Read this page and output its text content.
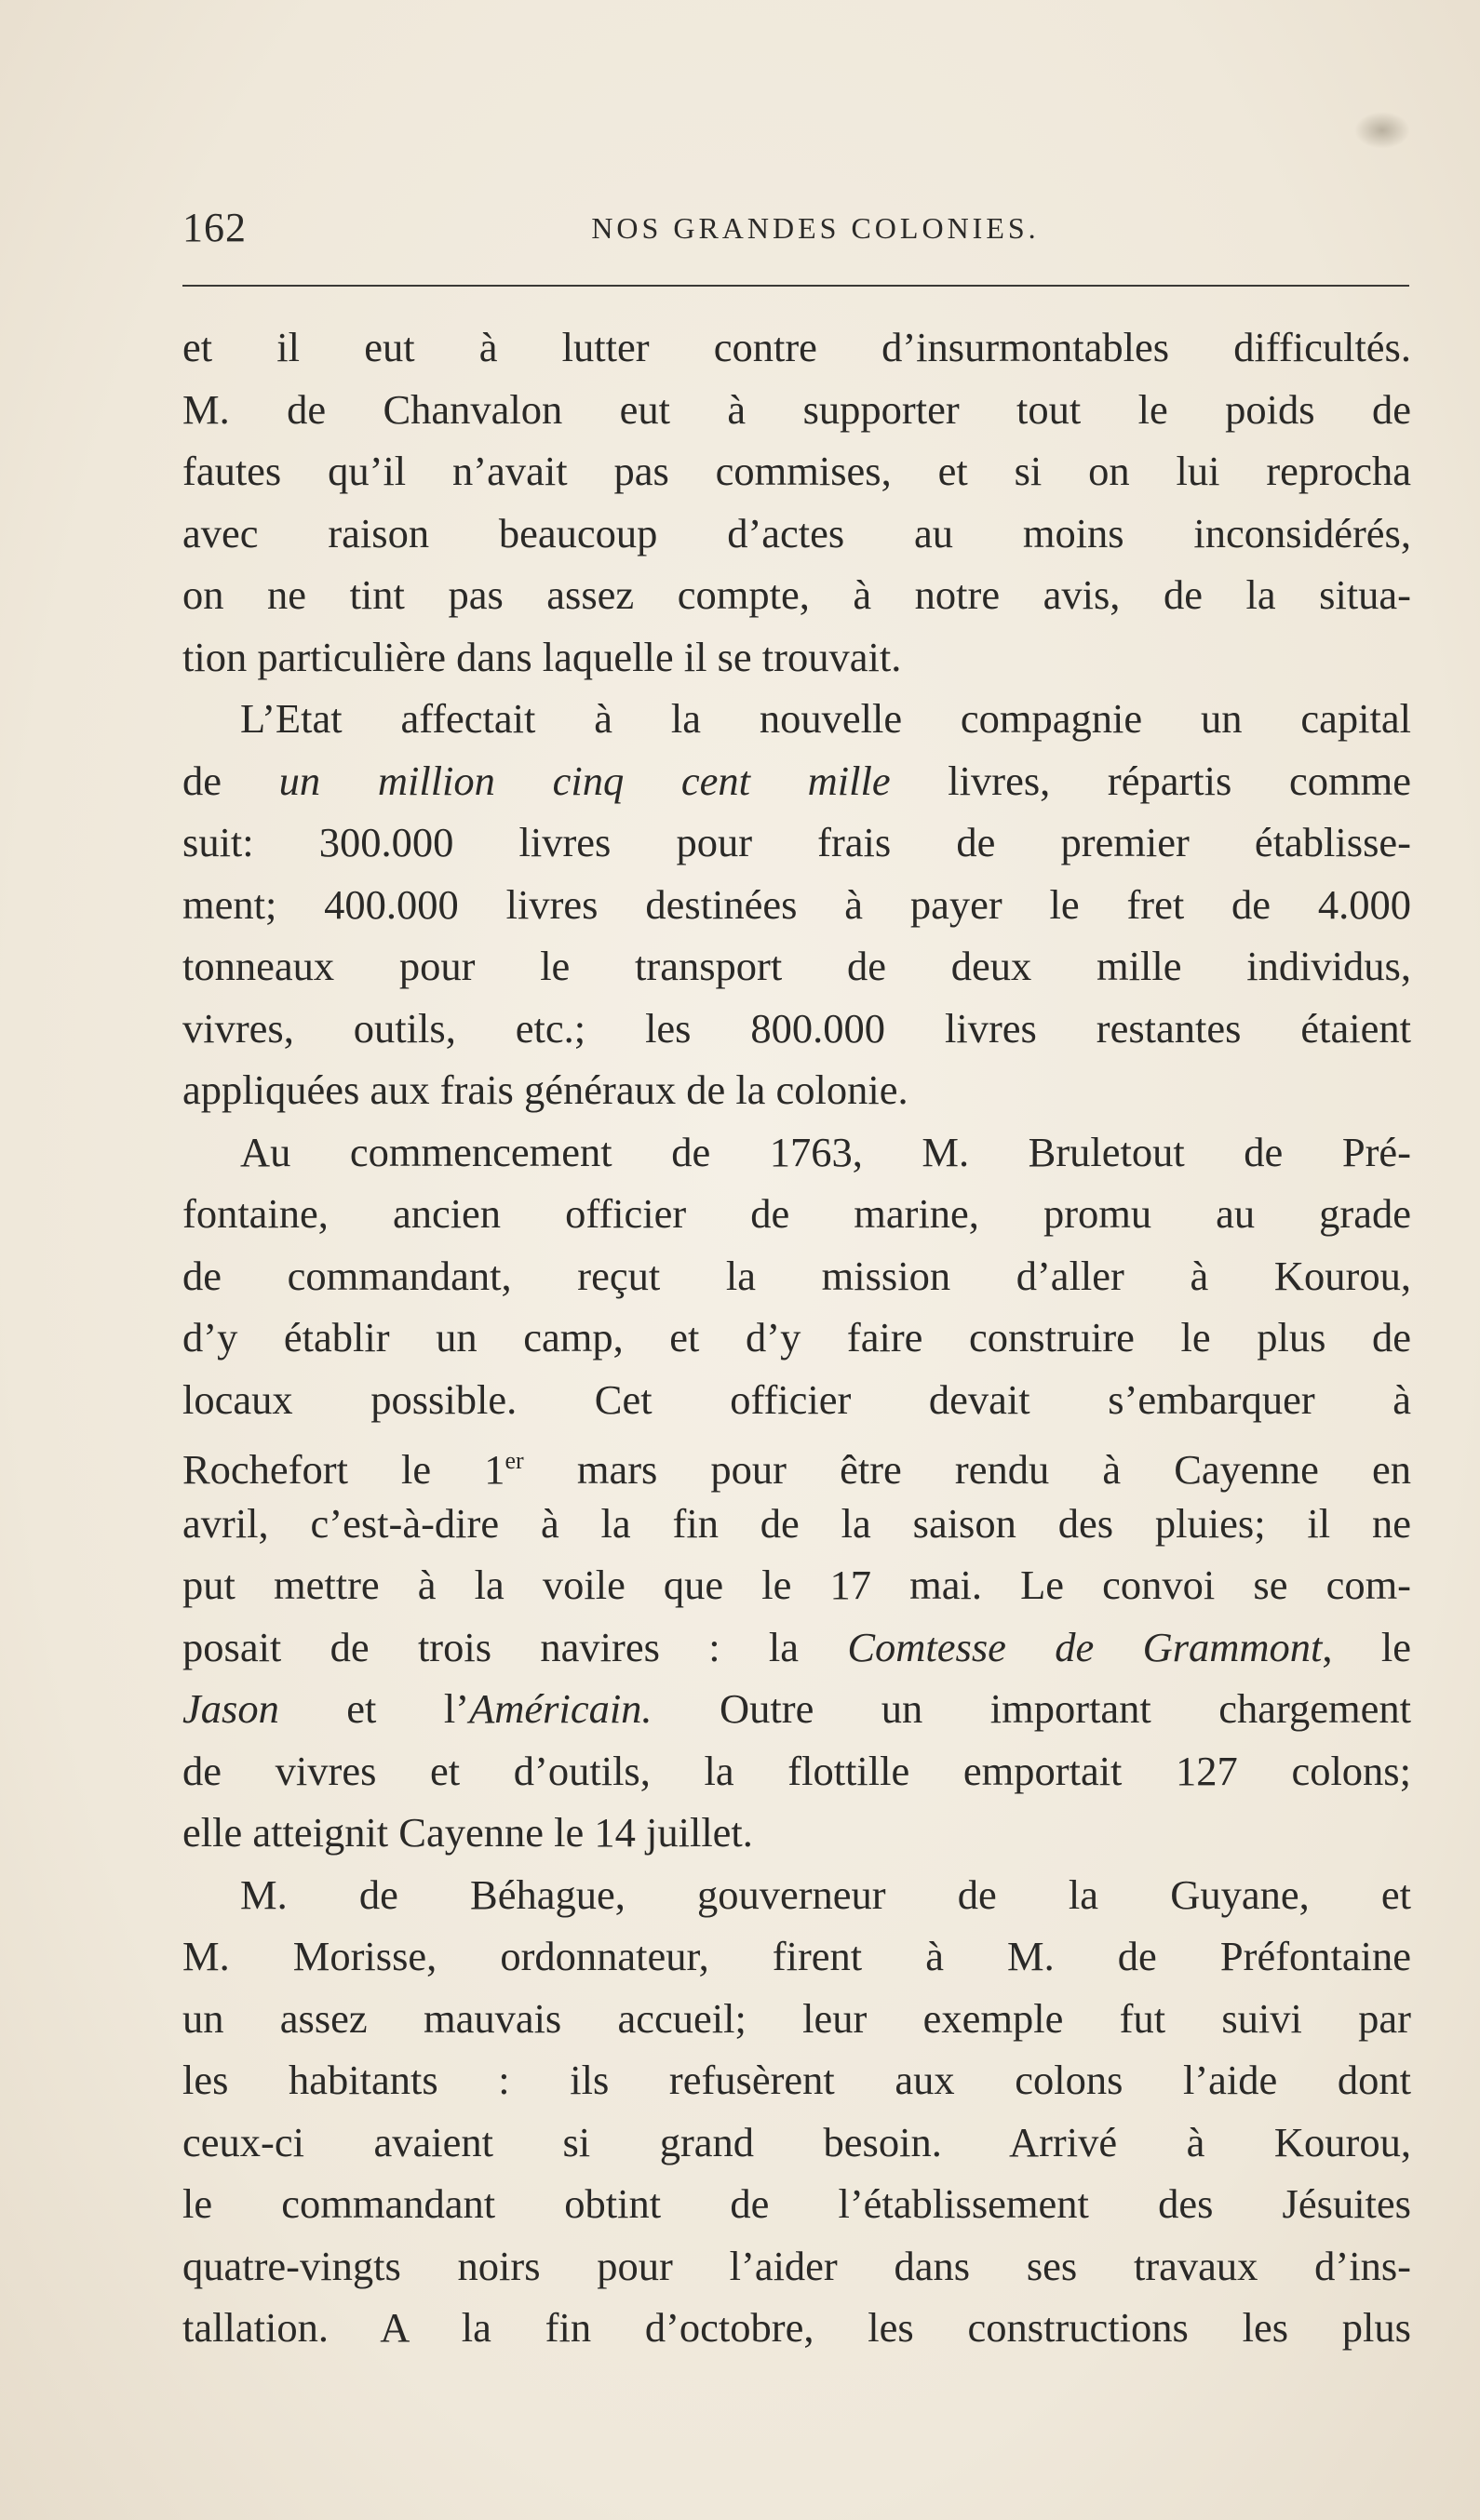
162	NOS GRANDES COLONIES.
et il eut à lutter contre d’insurmontables difficultés.
M. de Chanvalon eut à supporter tout le poids de
fautes qu’il n’avait pas commises, et si on lui reprocha
avec raison beaucoup d’actes au moins inconsidérés,
on ne tint pas assez compte, à notre avis, de la situa-
tion particulière dans laquelle il se trouvait.
L’Etat affectait à la nouvelle compagnie un capital
de un million cinq cent mille livres, répartis comme
suit: 300.000 livres pour frais de premier établisse-
ment; 400.000 livres destinées à payer le fret de 4.000
tonneaux pour le transport de deux mille individus,
vivres, outils, etc.; les 800.000 livres restantes étaient
appliquées aux frais généraux de la colonie.
Au commencement de 1763, M. Bruletout de Pré-
fontaine, ancien officier de marine, promu au grade
de commandant, reçut la mission d’aller à Kourou,
d’y établir un camp, et d’y faire construire le plus de
locaux possible. Cet officier devait s’embarquer à
Rochefort le 1er mars pour être rendu à Cayenne en
avril, c’est-à-dire à la fin de la saison des pluies; il ne
put mettre à la voile que le 17 mai. Le convoi se com-
posait de trois navires : la Comtesse de Grammont, le
Jason et l’Américain. Outre un important chargement
de vivres et d’outils, la flottille emportait 127 colons;
elle atteignit Cayenne le 14 juillet.
M. de Béhague, gouverneur de la Guyane, et
M. Morisse, ordonnateur, firent à M. de Préfontaine
un assez mauvais accueil; leur exemple fut suivi par
les habitants : ils refusèrent aux colons l’aide dont
ceux-ci avaient si grand besoin. Arrivé à Kourou,
le commandant obtint de l’établissement des Jésuites
quatre-vingts noirs pour l’aider dans ses travaux d’ins-
tallation. A la fin d’octobre, les constructions les plus
